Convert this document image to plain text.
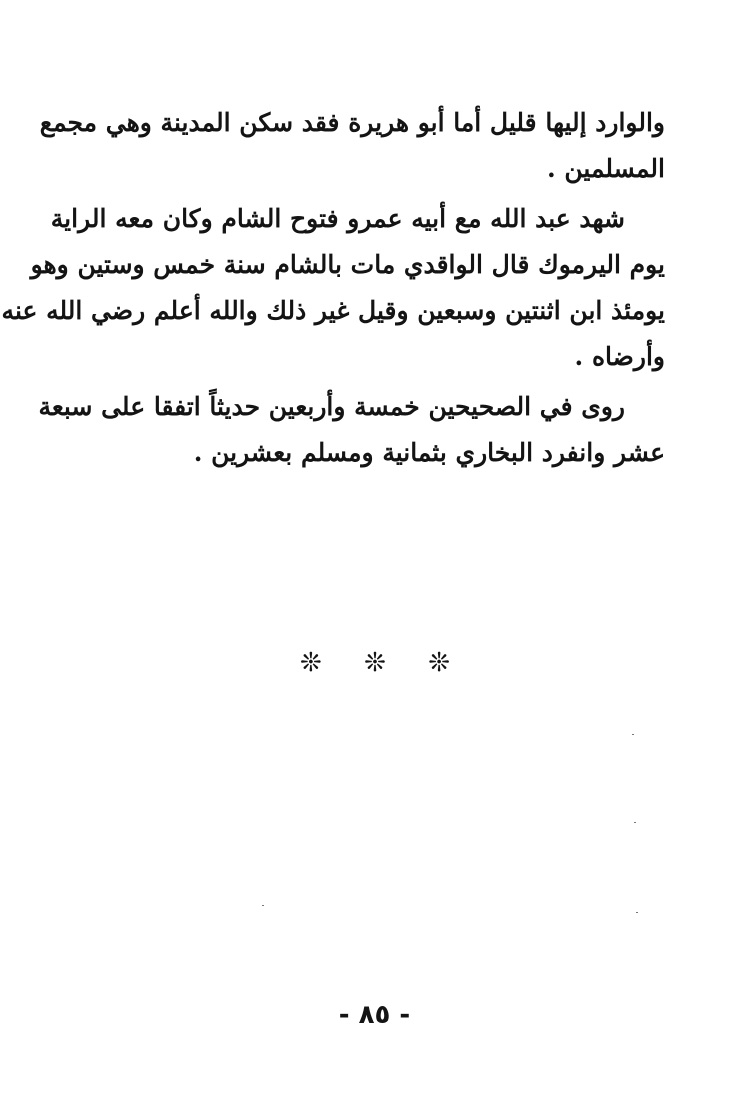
والوارد إليها قليل أما أبو هريرة فقد سكن المدينة وهي مجمع
المسلمين .

شهد عبد الله مع أبيه عمرو فتوح الشام وكان معه الراية
يوم اليرموك قال الواقدي مات بالشام سنة خمس وستين وهو
يومئذ ابن اثنتين وسبعين وقيل غير ذلك والله أعلم رضي الله عنه
وأرضاه .

روى في الصحيحين خمسة وأربعين حديثاً اتفقا على سبعة
عشر وانفرد البخاري بثمانية ومسلم بعشرين .

❊ ❊ ❊
- ٨٥ -
